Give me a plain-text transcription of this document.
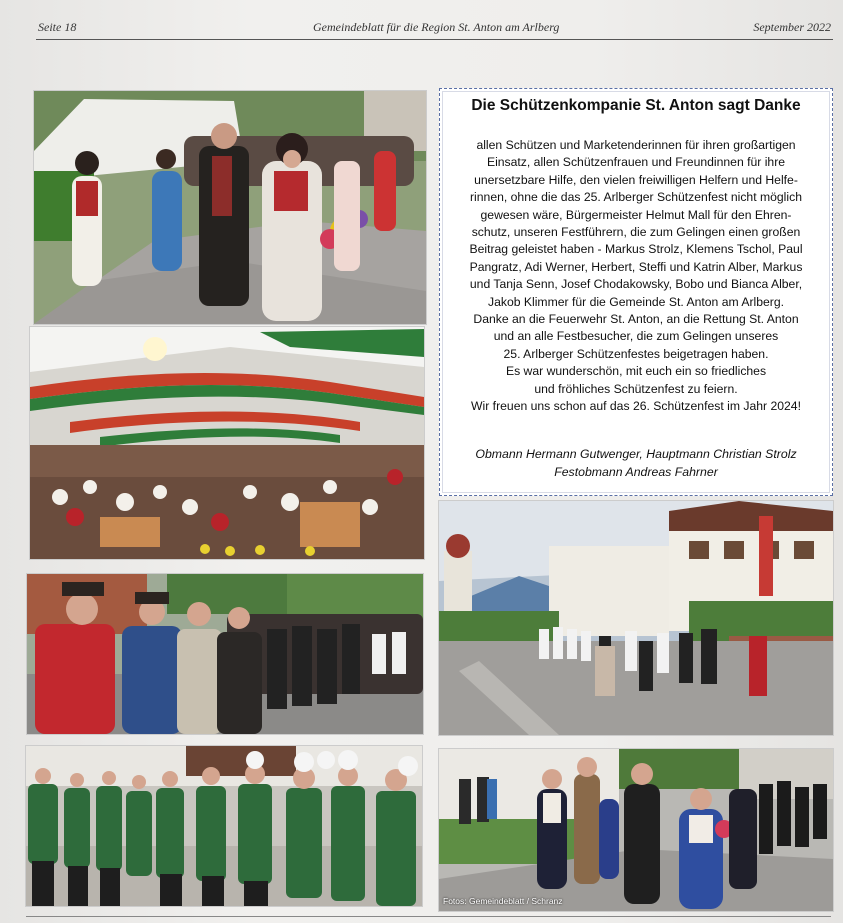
Seite 18	Gemeindeblatt für die Region St. Anton am Arlberg	September 2022
Die Schützenkompanie St. Anton sagt Danke
allen Schützen und Marketenderinnen für ihren großartigen
Einsatz, allen Schützenfrauen und Freundinnen für ihre
unersetzbare Hilfe, den vielen freiwilligen Helfern und Helfe-
rinnen, ohne die das 25. Arlberger Schützenfest nicht möglich
gewesen wäre, Bürgermeister Helmut Mall für den Ehren-
schutz, unseren Festführern, die zum Gelingen einen großen
Beitrag geleistet haben - Markus Strolz, Klemens Tschol, Paul
Pangratz, Adi Werner, Herbert, Steffi und Katrin Alber, Markus
und Tanja Senn, Josef Chodakowsky, Bobo und Bianca Alber,
Jakob Klimmer für die Gemeinde St. Anton am Arlberg.
Danke an die Feuerwehr St. Anton, an die Rettung St. Anton
und an alle Festbesucher, die zum Gelingen unseres
25. Arlberger Schützenfestes beigetragen haben.
Es war wunderschön, mit euch ein so friedliches
und fröhliches Schützenfest zu feiern.
Wir freuen uns schon auf das 26. Schützenfest im Jahr 2024!
Obmann Hermann Gutwenger, Hauptmann Christian Strolz
Festobmann Andreas Fahrner
Fotos: Gemeindeblatt / Schranz
